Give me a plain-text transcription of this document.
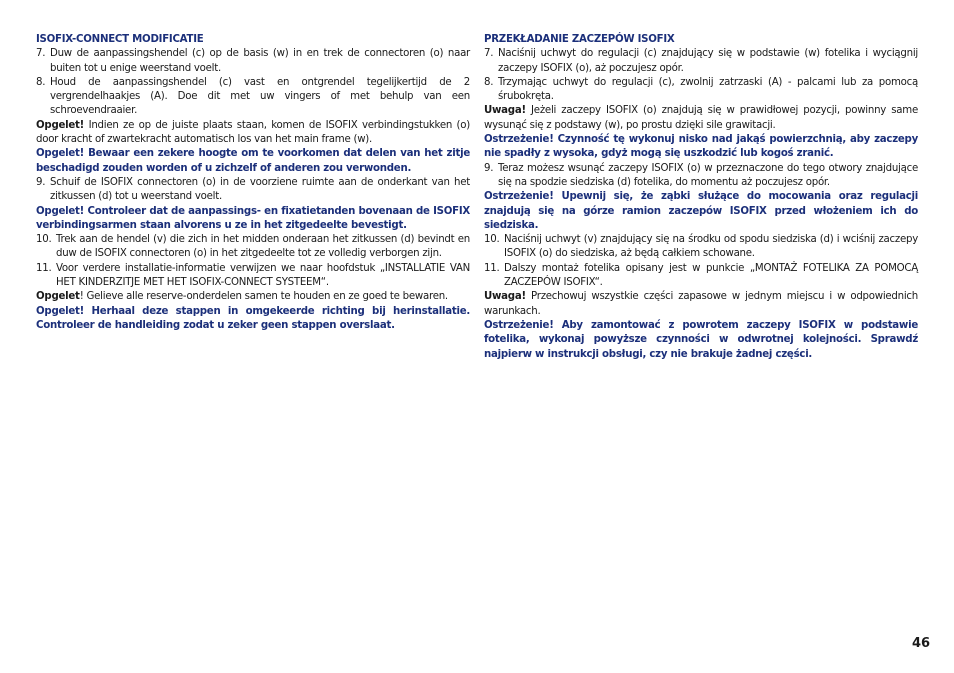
ISOFIX-CONNECT MODIFICATIE

7. Duw de aanpassingshendel (c) op de basis (w) in en trek de connectoren (o) naar buiten tot u enige weerstand voelt.
8. Houd de aanpassingshendel (c) vast en ontgrendel tegelijkertijd de 2 vergrendelhaakjes (A). Doe dit met uw vingers of met behulp van een schroevendraaier.

Opgelet! Indien ze op de juiste plaats staan, komen de ISOFIX verbindingstukken (o) door kracht of zwartekracht automatisch los van het main frame (w).

Opgelet! Bewaar een zekere hoogte om te voorkomen dat delen van het zitje beschadigd zouden worden of u zichzelf of anderen zou verwonden.

9. Schuif de ISOFIX connectoren (o) in de voorziene ruimte aan de onderkant van het zitkussen (d) tot u weerstand voelt.

Opgelet! Controleer dat de aanpassings- en fixatietanden bovenaan de ISOFIX verbindingsarmen staan alvorens u ze in het zitgedeelte bevestigt.

10. Trek aan de hendel (v) die zich in het midden onderaan het zitkussen (d) bevindt en duw de ISOFIX connectoren (o) in het zitgedeelte tot ze volledig verborgen zijn.
11. Voor verdere installatie-informatie verwijzen we naar hoofdstuk „INSTALLATIE VAN HET KINDERZITJE MET HET ISOFIX-CONNECT SYSTEEM“.

Opgelet! Gelieve alle reserve-onderdelen samen te houden en ze goed te bewaren.

Opgelet! Herhaal deze stappen in omgekeerde richting bij herinstallatie. Controleer de handleiding zodat u zeker geen stappen overslaat.

PRZEKŁADANIE ZACZEPÓW ISOFIX

7. Naciśnij uchwyt do regulacji (c) znajdujący się w podstawie (w) fotelika i wyciągnij zaczepy ISOFIX (o), aż poczujesz opór.
8. Trzymając uchwyt do regulacji (c), zwolnij zatrzaski (A) - palcami lub za pomocą śrubokręta.

Uwaga! Jeżeli zaczepy ISOFIX (o) znajdują się w prawidłowej pozycji, powinny same wysunąć się z podstawy (w), po prostu dzięki sile grawitacji.

Ostrzeżenie! Czynność tę wykonuj nisko nad jakąś powierzchnią, aby zaczepy nie spadły z wysoka, gdyż mogą się uszkodzić lub kogoś zranić.

9. Teraz możesz wsunąć zaczepy ISOFIX (o) w przeznaczone do tego otwory znajdujące się na spodzie siedziska (d) fotelika, do momentu aż poczujesz opór.

Ostrzeżenie! Upewnij się, że ząbki służące do mocowania oraz regulacji znajdują się na górze ramion zaczepów ISOFIX przed włożeniem ich do siedziska.

10. Naciśnij uchwyt (v) znajdujący się na środku od spodu siedziska (d) i wciśnij zaczepy ISOFIX (o) do siedziska, aż będą całkiem schowane.
11. Dalszy montaż fotelika opisany jest w punkcie „MONTAŻ FOTELIKA ZA POMOCĄ ZACZEPÓW ISOFIX“.

Uwaga! Przechowuj wszystkie części zapasowe w jednym miejscu i w odpowiednich warunkach.

Ostrzeżenie! Aby zamontować z powrotem zaczepy ISOFIX w podstawie fotelika, wykonaj powyższe czynności w odwrotnej kolejności. Sprawdź najpierw w instrukcji obsługi, czy nie brakuje żadnej części.

46
